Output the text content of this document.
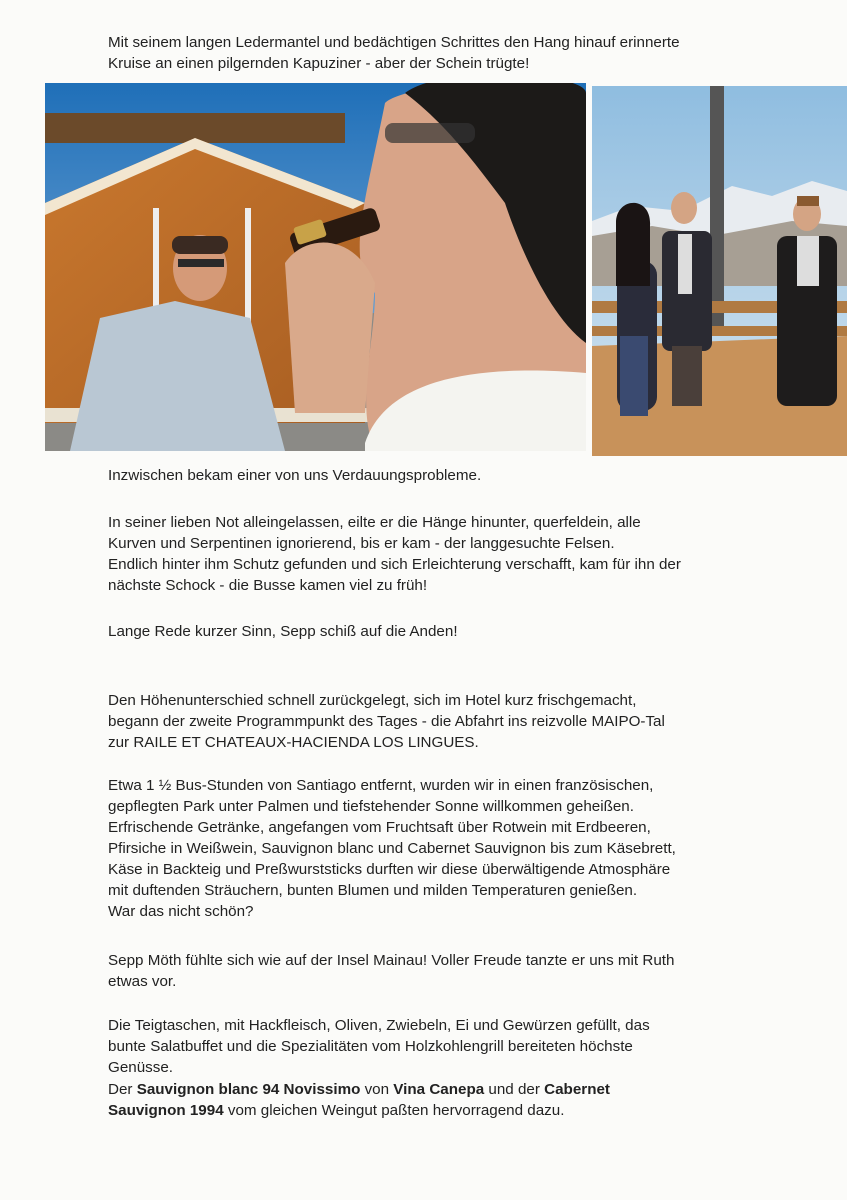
Mit seinem langen Ledermantel und bedächtigen Schrittes den Hang hinauf erinnerte
Kruise an einen pilgernden Kapuziner - aber der Schein trügte!

Inzwischen bekam einer von uns Verdauungsprobleme.

In seiner lieben Not alleingelassen, eilte er die Hänge hinunter, querfeldein, alle
Kurven und Serpentinen ignorierend, bis er kam - der langgesuchte Felsen.
Endlich hinter ihm Schutz gefunden und sich Erleichterung verschafft, kam für ihn der
nächste Schock - die Busse kamen viel zu früh!

Lange Rede kurzer Sinn, Sepp schiß auf die Anden!

Den Höhenunterschied schnell zurückgelegt, sich im Hotel kurz frischgemacht,
begann der zweite Programmpunkt des Tages - die Abfahrt ins reizvolle MAIPO-Tal
zur RAILE ET CHATEAUX-HACIENDA LOS LINGUES.

Etwa 1 ½ Bus-Stunden von Santiago entfernt, wurden wir in einen französischen,
gepflegten Park unter Palmen und tiefstehender Sonne willkommen geheißen.
Erfrischende Getränke, angefangen vom Fruchtsaft über Rotwein mit Erdbeeren,
Pfirsiche in Weißwein, Sauvignon blanc und Cabernet Sauvignon bis zum Käsebrett,
Käse in Backteig und Preßwurststicks durften wir diese überwältigende Atmosphäre
mit duftenden Sträuchern, bunten Blumen und milden Temperaturen genießen.
War das nicht schön?

Sepp Möth fühlte sich wie auf der Insel Mainau! Voller Freude tanzte er uns mit Ruth
etwas vor.

Die Teigtaschen, mit Hackfleisch, Oliven, Zwiebeln, Ei und Gewürzen gefüllt, das
bunte Salatbuffet und die Spezialitäten vom Holzkohlengrill bereiteten höchste
Genüsse.

Der Sauvignon blanc 94 Novissimo von Vina Canepa und der Cabernet
Sauvignon 1994 vom gleichen Weingut paßten hervorragend dazu.
